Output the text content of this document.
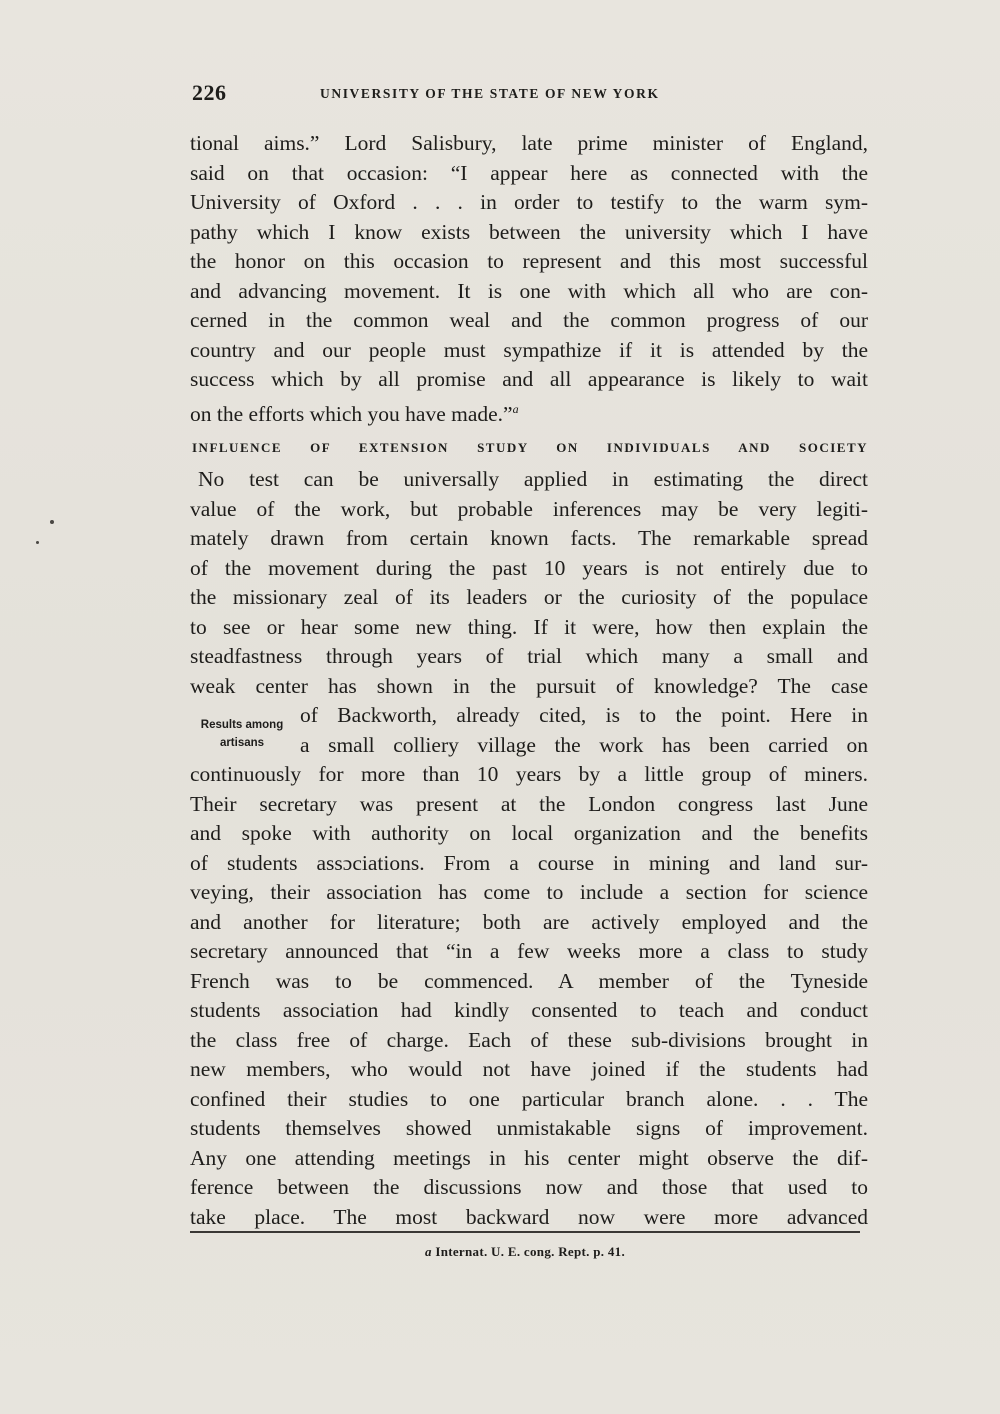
226	UNIVERSITY OF THE STATE OF NEW YORK
tional aims.” Lord Salisbury, late prime minister of England,
said on that occasion: “I appear here as connected with the
University of Oxford . . . in order to testify to the warm sym-
pathy which I know exists between the university which I have
the honor on this occasion to represent and this most successful
and advancing movement. It is one with which all who are con-
cerned in the common weal and the common progress of our
country and our people must sympathize if it is attended by the
success which by all promise and all appearance is likely to wait
on the efforts which you have made.”$^a$
INFLUENCE OF EXTENSION STUDY ON INDIVIDUALS AND SOCIETY
No test can be universally applied in estimating the direct
value of the work, but probable inferences may be very legiti-
mately drawn from certain known facts. The remarkable spread
of the movement during the past 10 years is not entirely due to
the missionary zeal of its leaders or the curiosity of the populace
to see or hear some new thing. If it were, how then explain the
steadfastness through years of trial which many a small and
weak center has shown in the pursuit of knowledge? The case
of Backworth, already cited, is to the point. Here in
a small colliery village the work has been carried on
continuously for more than 10 years by a little group of miners.
Their secretary was present at the London congress last June
and spoke with authority on local organization and the benefits
of students assɔciations. From a course in mining and land sur-
veying, their association has come to include a section for science
and another for literature; both are actively employed and the
secretary announced that “in a few weeks more a class to study
French was to be commenced. A member of the Tyneside
students association had kindly consented to teach and conduct
the class free of charge. Each of these sub-divisions brought in
new members, who would not have joined if the students had
confined their studies to one particular branch alone. . . The
students themselves showed unmistakable signs of improvement.
Any one attending meetings in his center might observe the dif-
ference between the discussions now and those that used to
take place. The most backward now were more advanced
Results among
artisans
a Internat. U. E. cong. Rept. p. 41.
